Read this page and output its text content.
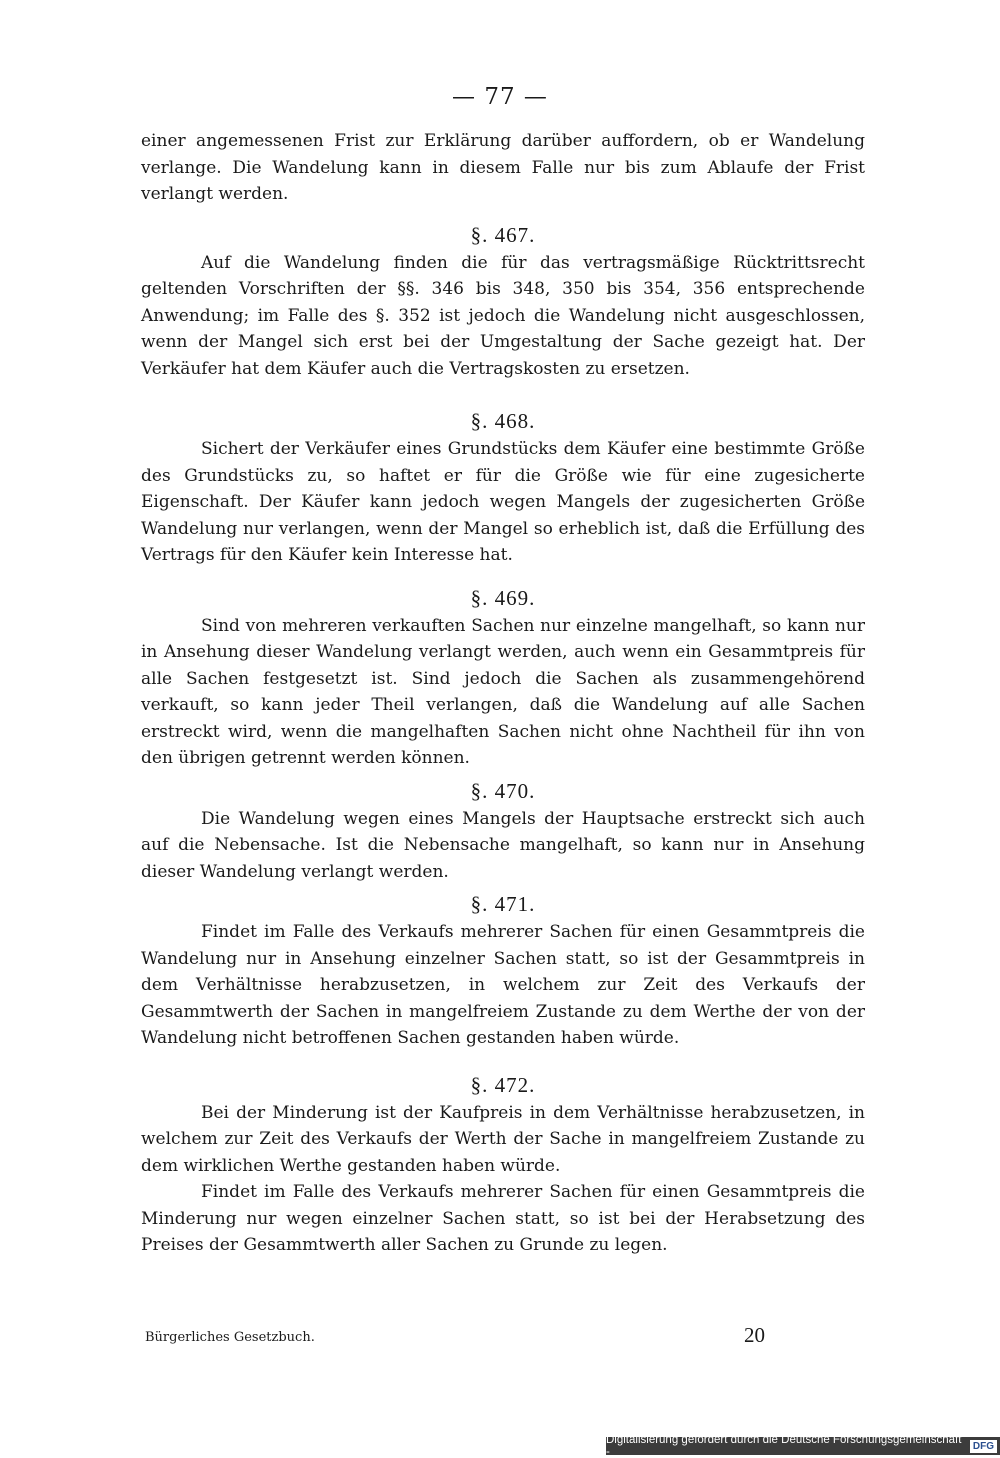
— 77 —

einer angemessenen Frist zur Erklärung darüber auffordern, ob er Wandelung verlange. Die Wandelung kann in diesem Falle nur bis zum Ablaufe der Frist verlangt werden.

§. 467.

Auf die Wandelung finden die für das vertragsmäßige Rücktrittsrecht geltenden Vorschriften der §§. 346 bis 348, 350 bis 354, 356 entsprechende Anwendung; im Falle des §. 352 ist jedoch die Wandelung nicht ausgeschlossen, wenn der Mangel sich erst bei der Umgestaltung der Sache gezeigt hat. Der Verkäufer hat dem Käufer auch die Vertragskosten zu ersetzen.

§. 468.

Sichert der Verkäufer eines Grundstücks dem Käufer eine bestimmte Größe des Grundstücks zu, so haftet er für die Größe wie für eine zugesicherte Eigenschaft. Der Käufer kann jedoch wegen Mangels der zugesicherten Größe Wandelung nur verlangen, wenn der Mangel so erheblich ist, daß die Erfüllung des Vertrags für den Käufer kein Interesse hat.

§. 469.

Sind von mehreren verkauften Sachen nur einzelne mangelhaft, so kann nur in Ansehung dieser Wandelung verlangt werden, auch wenn ein Gesammtpreis für alle Sachen festgesetzt ist. Sind jedoch die Sachen als zusammengehörend verkauft, so kann jeder Theil verlangen, daß die Wandelung auf alle Sachen erstreckt wird, wenn die mangelhaften Sachen nicht ohne Nachtheil für ihn von den übrigen getrennt werden können.

§. 470.

Die Wandelung wegen eines Mangels der Hauptsache erstreckt sich auch auf die Nebensache. Ist die Nebensache mangelhaft, so kann nur in Ansehung dieser Wandelung verlangt werden.

§. 471.

Findet im Falle des Verkaufs mehrerer Sachen für einen Gesammtpreis die Wandelung nur in Ansehung einzelner Sachen statt, so ist der Gesammtpreis in dem Verhältnisse herabzusetzen, in welchem zur Zeit des Verkaufs der Gesammtwerth der Sachen in mangelfreiem Zustande zu dem Werthe der von der Wandelung nicht betroffenen Sachen gestanden haben würde.

§. 472.

Bei der Minderung ist der Kaufpreis in dem Verhältnisse herabzusetzen, in welchem zur Zeit des Verkaufs der Werth der Sache in mangelfreiem Zustande zu dem wirklichen Werthe gestanden haben würde.

Findet im Falle des Verkaufs mehrerer Sachen für einen Gesammtpreis die Minderung nur wegen einzelner Sachen statt, so ist bei der Herabsetzung des Preises der Gesammtwerth aller Sachen zu Grunde zu legen.

Bürgerliches Gesetzbuch.	20
Digitalisierung gefördert durch die Deutsche Forschungsgemeinschaft -	DFG
